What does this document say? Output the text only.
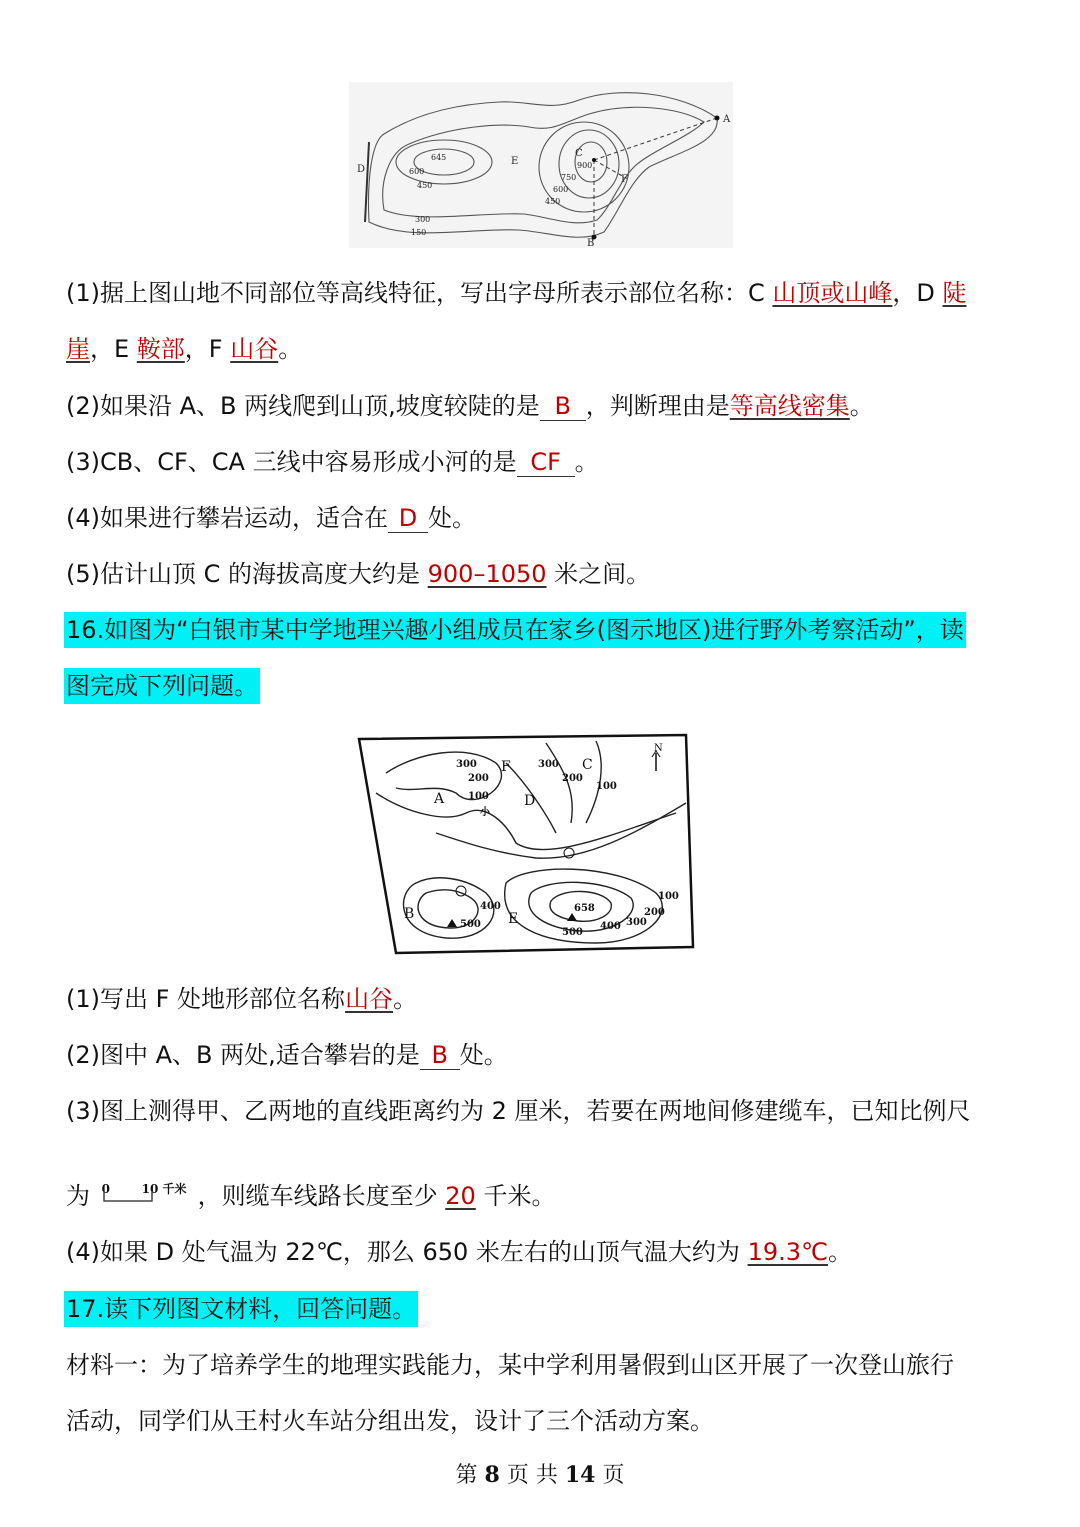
A
B
C
D
E
F
645
600
450
300
150
900
750
600
450
(1)据上图山地不同部位等高线特征，写出字母所表示部位名称：C 山顶或山峰，D 陡
崖，E 鞍部，F 山谷。
(2)如果沿 A、B 两线爬到山顶,坡度较陡的是 B ，判断理由是等高线密集。
(3)CB、CF、CA 三线中容易形成小河的是 CF 。
(4)如果进行攀岩运动，适合在 D 处。
(5)估计山顶 C 的海拔高度大约是 900–1050 米之间。
16.如图为“白银市某中学地理兴趣小组成员在家乡(图示地区)进行野外考察活动”，读
图完成下列问题。
A
B
C
D
E
F
N
300
200
100
300
200
100
400
500
658
500
400 300
200
100
小
(1)写出 F 处地形部位名称山谷。
(2)图中 A、B 两处,适合攀岩的是 B 处。
(3)图上测得甲、乙两地的直线距离约为 2 厘米，若要在两地间修建缆车，已知比例尺
为 0	10 千米 ，则缆车线路长度至少 20 千米。
(4)如果 D 处气温为 22℃，那么 650 米左右的山顶气温大约为 19.3℃。
17.读下列图文材料，回答问题。
材料一：为了培养学生的地理实践能力，某中学利用暑假到山区开展了一次登山旅行
活动，同学们从王村火车站分组出发，设计了三个活动方案。
第 8 页 共 14 页
